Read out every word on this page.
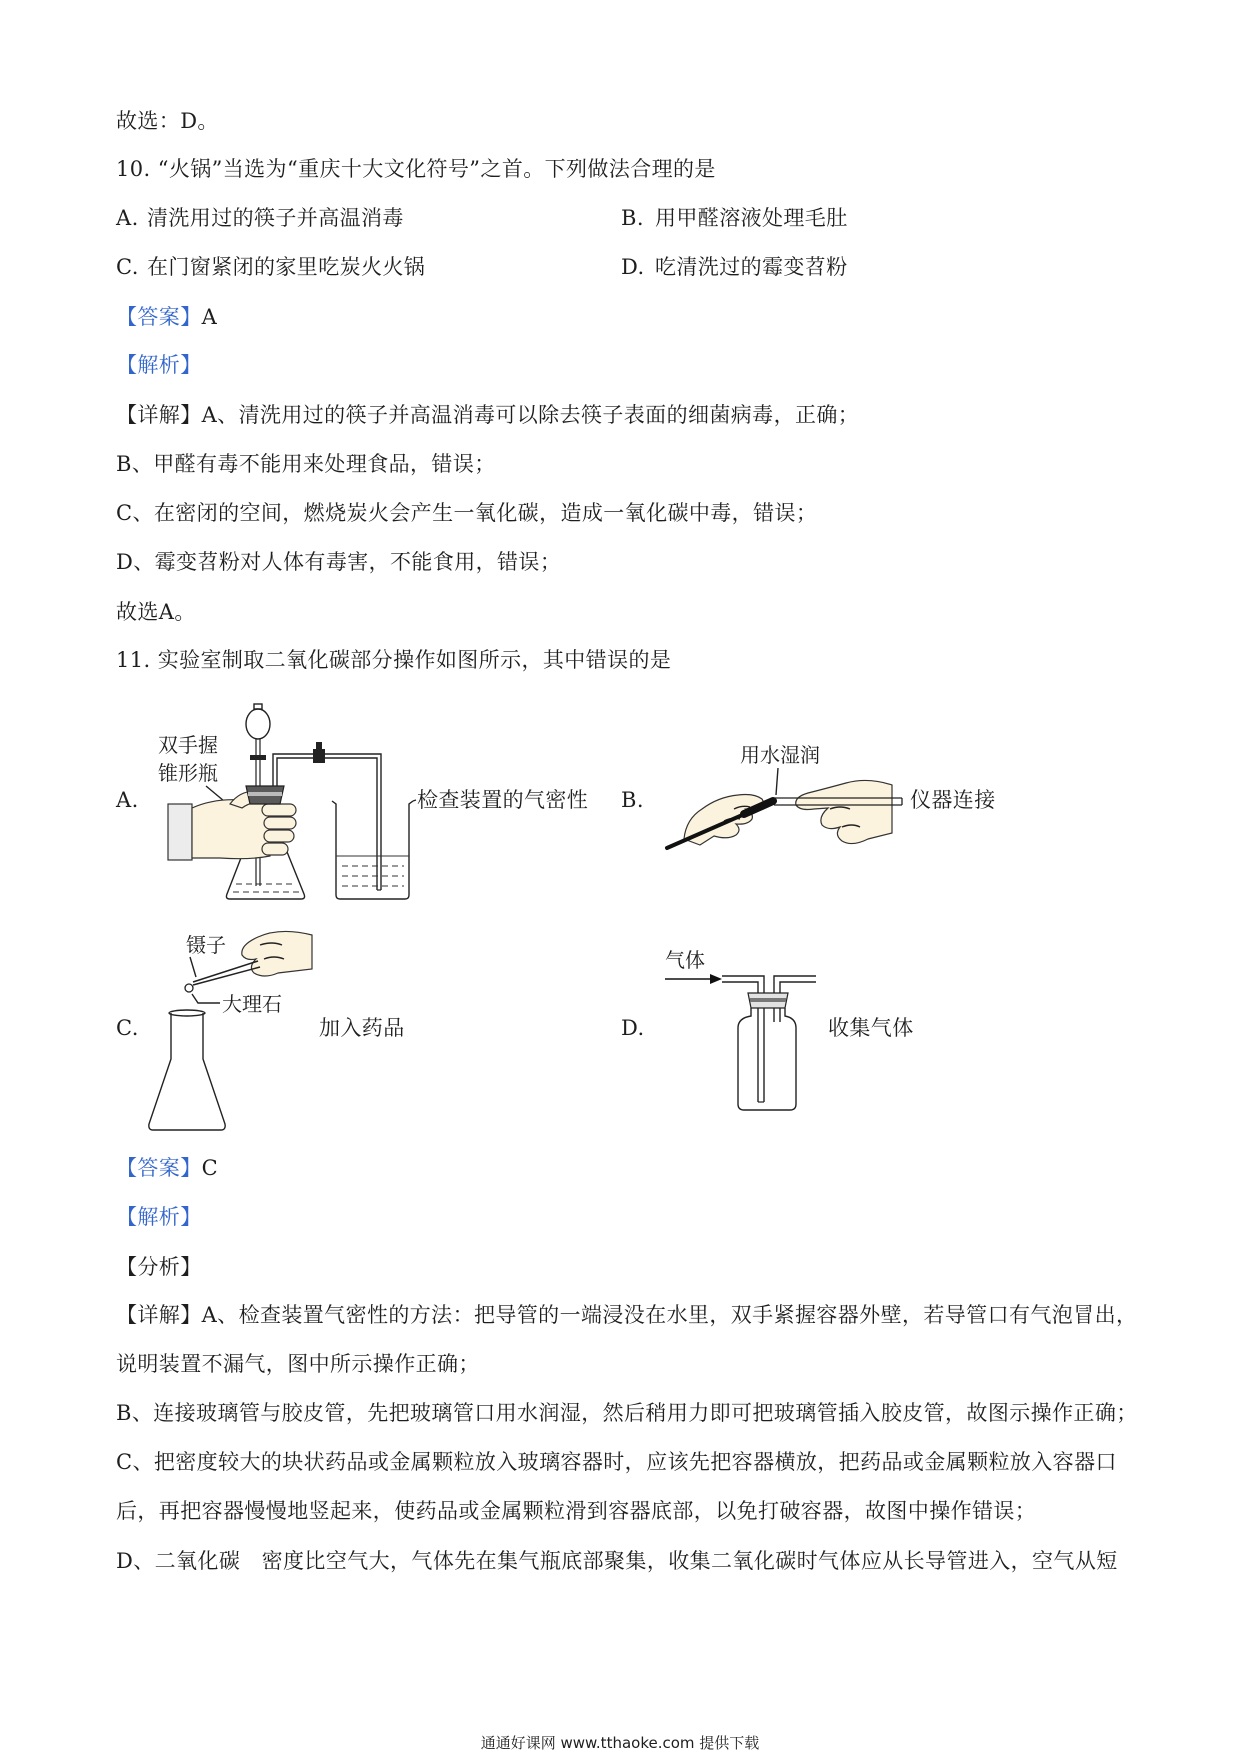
故选：D。
10. “火锅”当选为“重庆十大文化符号”之首。下列做法合理的是
A. 清洗用过的筷子并高温消毒	B. 用甲醛溶液处理毛肚
C. 在门窗紧闭的家里吃炭火火锅	D. 吃清洗过的霉变苕粉
【答案】A
【解析】
【详解】A、清洗用过的筷子并高温消毒可以除去筷子表面的细菌病毒，正确；
B、甲醛有毒不能用来处理食品，错误；
C、在密闭的空间，燃烧炭火会产生一氧化碳，造成一氧化碳中毒，错误；
D、霉变苕粉对人体有毒害，不能食用，错误；
故选A。
11. 实验室制取二氧化碳部分操作如图所示，其中错误的是
A.
双手握
锥形瓶
检查装置的气密性 B.
用水湿润
仪器连接
C.
镊子
大理石
加入药品	D.
气体
收集气体
【答案】C
【解析】
【分析】
【详解】A、检查装置气密性的方法：把导管的一端浸没在水里，双手紧握容器外壁，若导管口有气泡冒出，
说明装置不漏气，图中所示操作正确；
B、连接玻璃管与胶皮管，先把玻璃管口用水润湿，然后稍用力即可把玻璃管插入胶皮管，故图示操作正确；
C、把密度较大的块状药品或金属颗粒放入玻璃容器时，应该先把容器横放，把药品或金属颗粒放入容器口
后，再把容器慢慢地竖起来，使药品或金属颗粒滑到容器底部，以免打破容器，故图中操作错误；
D、二氧化碳　密度比空气大，气体先在集气瓶底部聚集，收集二氧化碳时气体应从长导管进入，空气从短
通通好课网 www.tthaoke.com 提供下载
